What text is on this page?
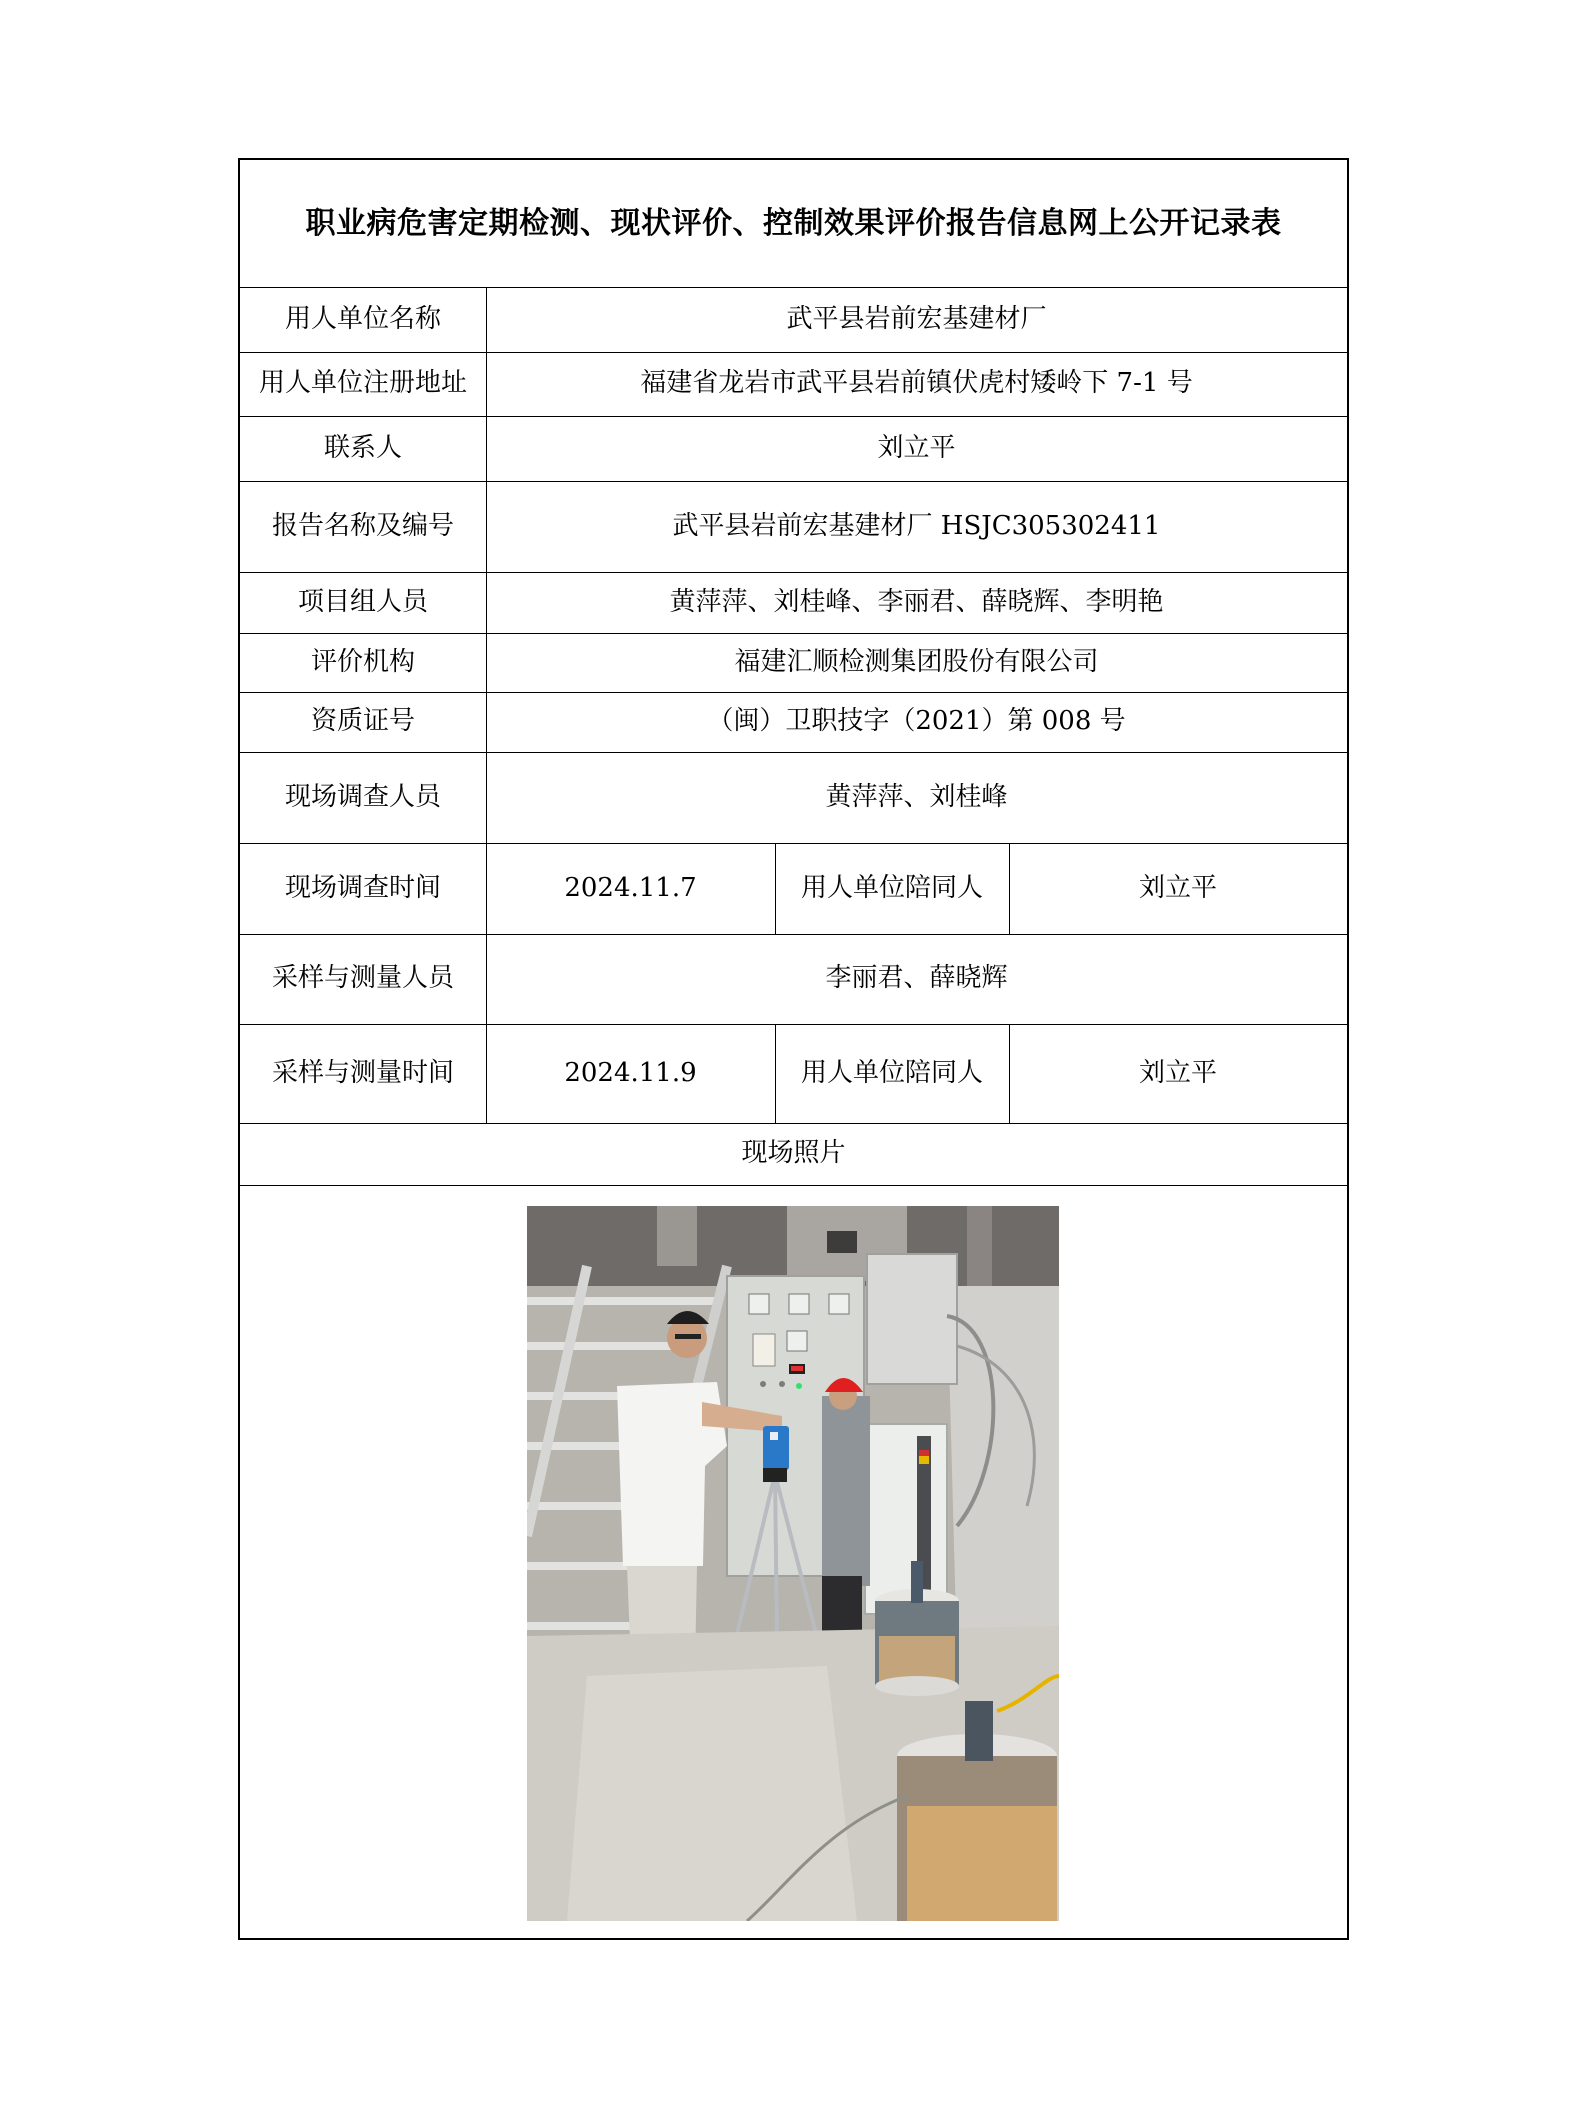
职业病危害定期检测、现状评价、控制效果评价报告信息网上公开记录表
用人单位名称	武平县岩前宏基建材厂
用人单位注册地址	福建省龙岩市武平县岩前镇伏虎村矮岭下 7-1 号
联系人	刘立平
报告名称及编号	武平县岩前宏基建材厂 HSJC305302411
项目组人员	黄萍萍、刘桂峰、李丽君、薛晓辉、李明艳
评价机构	福建汇顺检测集团股份有限公司
资质证号	（闽）卫职技字（2021）第 008 号
现场调查人员	黄萍萍、刘桂峰
现场调查时间	2024.11.7	用人单位陪同人	刘立平
采样与测量人员	李丽君、薛晓辉
采样与测量时间	2024.11.9	用人单位陪同人	刘立平
现场照片
